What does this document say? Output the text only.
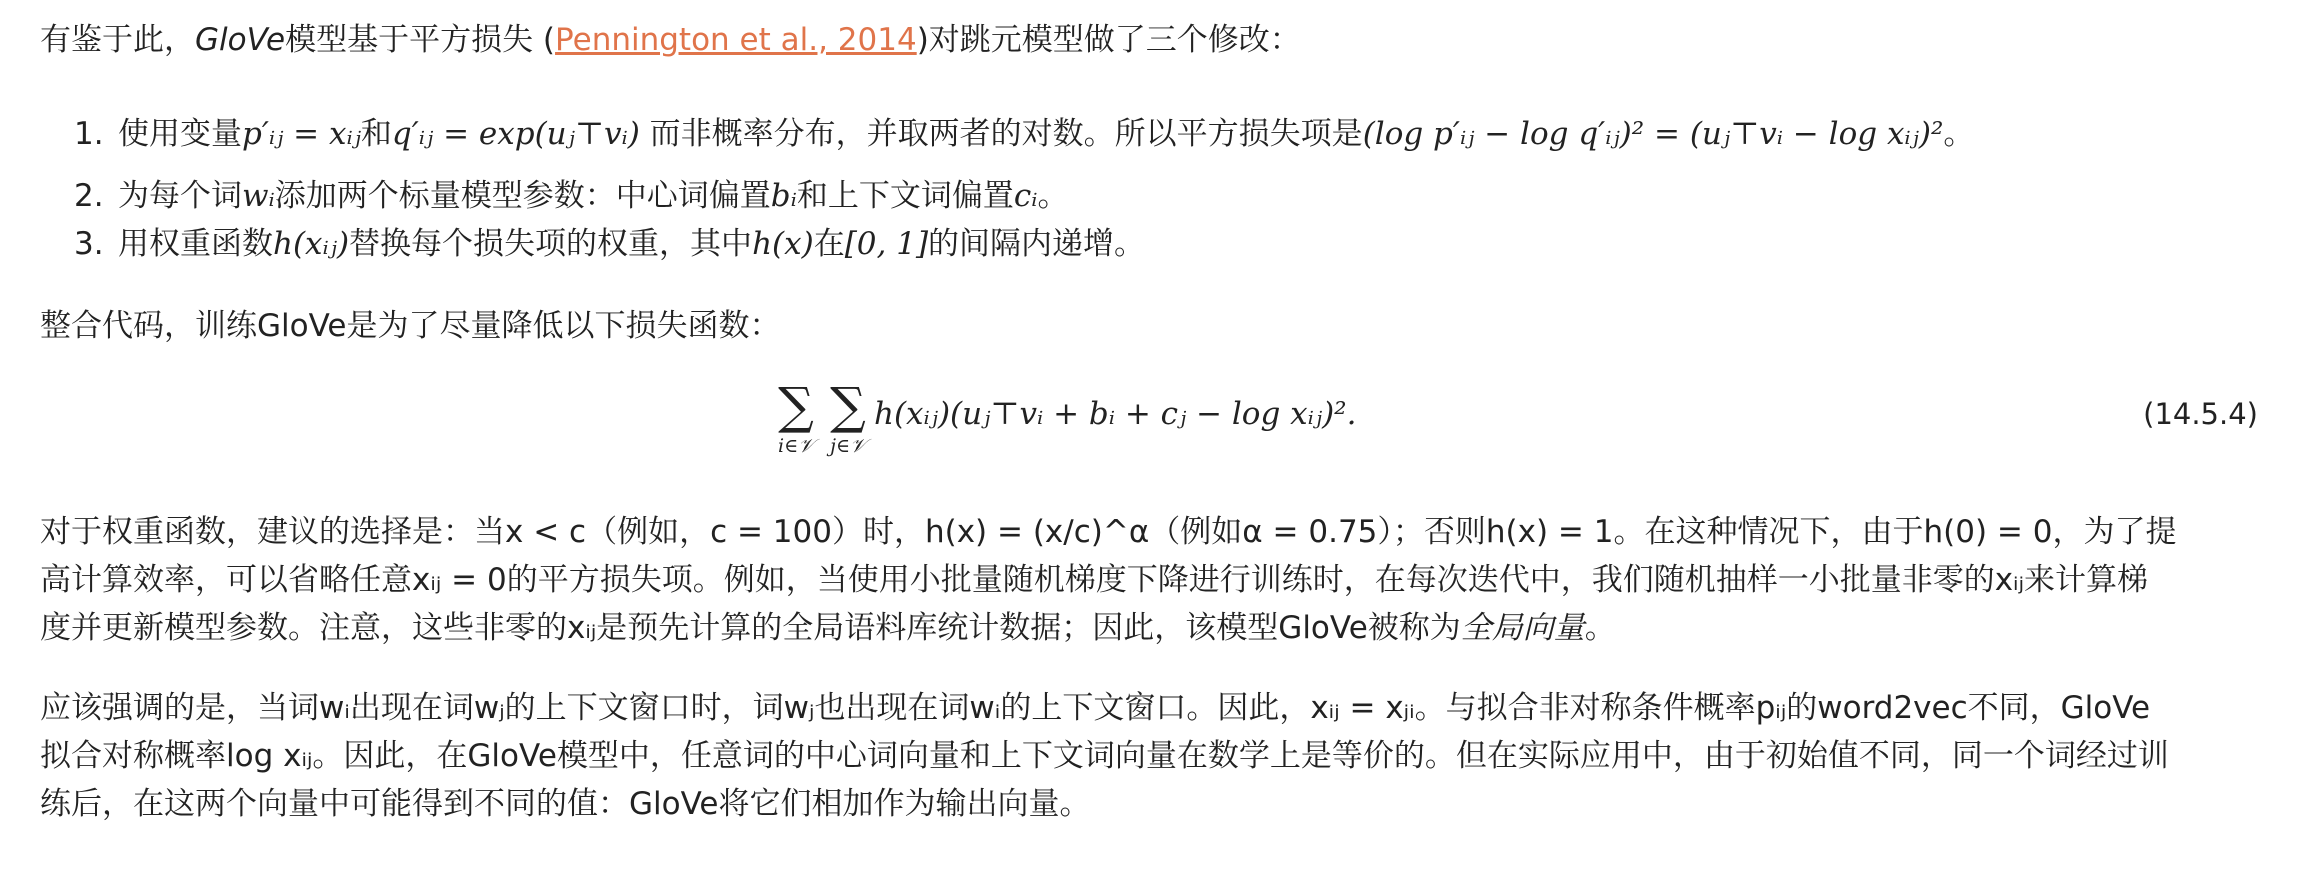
有鉴于此，GloVe模型基于平方损失 (Pennington et al., 2014)对跳元模型做了三个修改：

1. 使用变量p′ᵢⱼ = xᵢⱼ和q′ᵢⱼ = exp(uⱼ⊤vᵢ) 而非概率分布，并取两者的对数。所以平方损失项是(log p′ᵢⱼ − log q′ᵢⱼ)² = (uⱼ⊤vᵢ − log xᵢⱼ)²。
2. 为每个词wᵢ添加两个标量模型参数：中心词偏置bᵢ和上下文词偏置cᵢ。
3. 用权重函数h(xᵢⱼ)替换每个损失项的权重，其中h(x)在[0, 1]的间隔内递增。

整合代码，训练GloVe是为了尽量降低以下损失函数：

∑
i∈𝒱
∑
j∈𝒱
h(xᵢⱼ)(uⱼ⊤vᵢ + bᵢ + cⱼ − log xᵢⱼ)².	(14.5.4)

对于权重函数，建议的选择是：当x < c（例如，c = 100）时，h(x) = (x/c)^α（例如α = 0.75）；否则h(x) = 1。在这种情况下，由于h(0) = 0，为了提

高计算效率，可以省略任意xᵢⱼ = 0的平方损失项。例如，当使用小批量随机梯度下降进行训练时，在每次迭代中，我们随机抽样一小批量非零的xᵢⱼ来计算梯

度并更新模型参数。注意，这些非零的xᵢⱼ是预先计算的全局语料库统计数据；因此，该模型GloVe被称为全局向量。

应该强调的是，当词wᵢ出现在词wⱼ的上下文窗口时，词wⱼ也出现在词wᵢ的上下文窗口。因此，xᵢⱼ = xⱼᵢ。与拟合非对称条件概率pᵢⱼ的word2vec不同，GloVe

拟合对称概率log xᵢⱼ。因此，在GloVe模型中，任意词的中心词向量和上下文词向量在数学上是等价的。但在实际应用中，由于初始值不同，同一个词经过训

练后，在这两个向量中可能得到不同的值：GloVe将它们相加作为输出向量。
